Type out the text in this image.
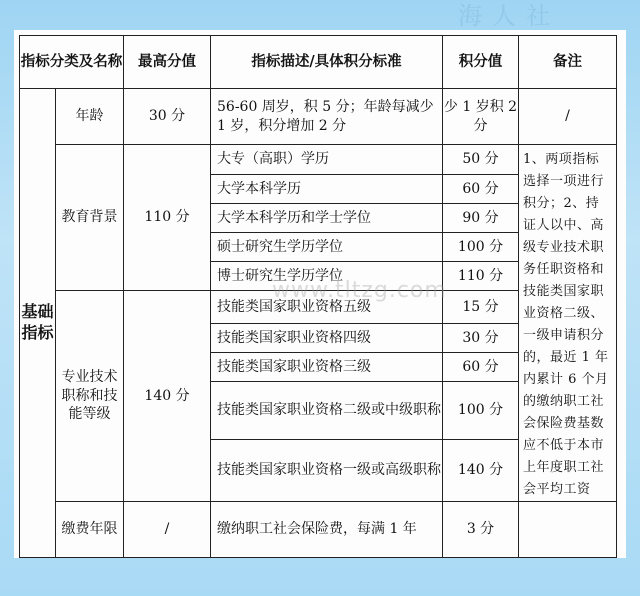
海人社
指标分类及名称		最高分值	指标描述/具体积分标准	积分值	备注
基础指标	年龄	30 分	56-60 周岁，积 5 分；年龄每减少 1 岁，积分增加 2 分	少 1 岁积 2 分	/
	教育背景	110 分	大专（高职）学历	50 分	1、两项指标选择一项进行积分；2、持证人以中、高级专业技术职务任职资格和技能类国家职业资格二级、一级申请积分的，最近 1 年内累计 6 个月的缴纳职工社会保险费基数应不低于本市上年度职工社会平均工资
			大学本科学历	60 分	
			大学本科学历和学士学位	90 分	
			硕士研究生学历学位	100 分	
			博士研究生学历学位	110 分	
	专业技术职称和技能等级	140 分	技能类国家职业资格五级	15 分	
			技能类国家职业资格四级	30 分	
			技能类国家职业资格三级	60 分	
			技能类国家职业资格二级或中级职称	100 分	
			技能类国家职业资格一级或高级职称	140 分	
	缴费年限	/	缴纳职工社会保险费，每满 1 年	3 分	
www.tltzg.com
